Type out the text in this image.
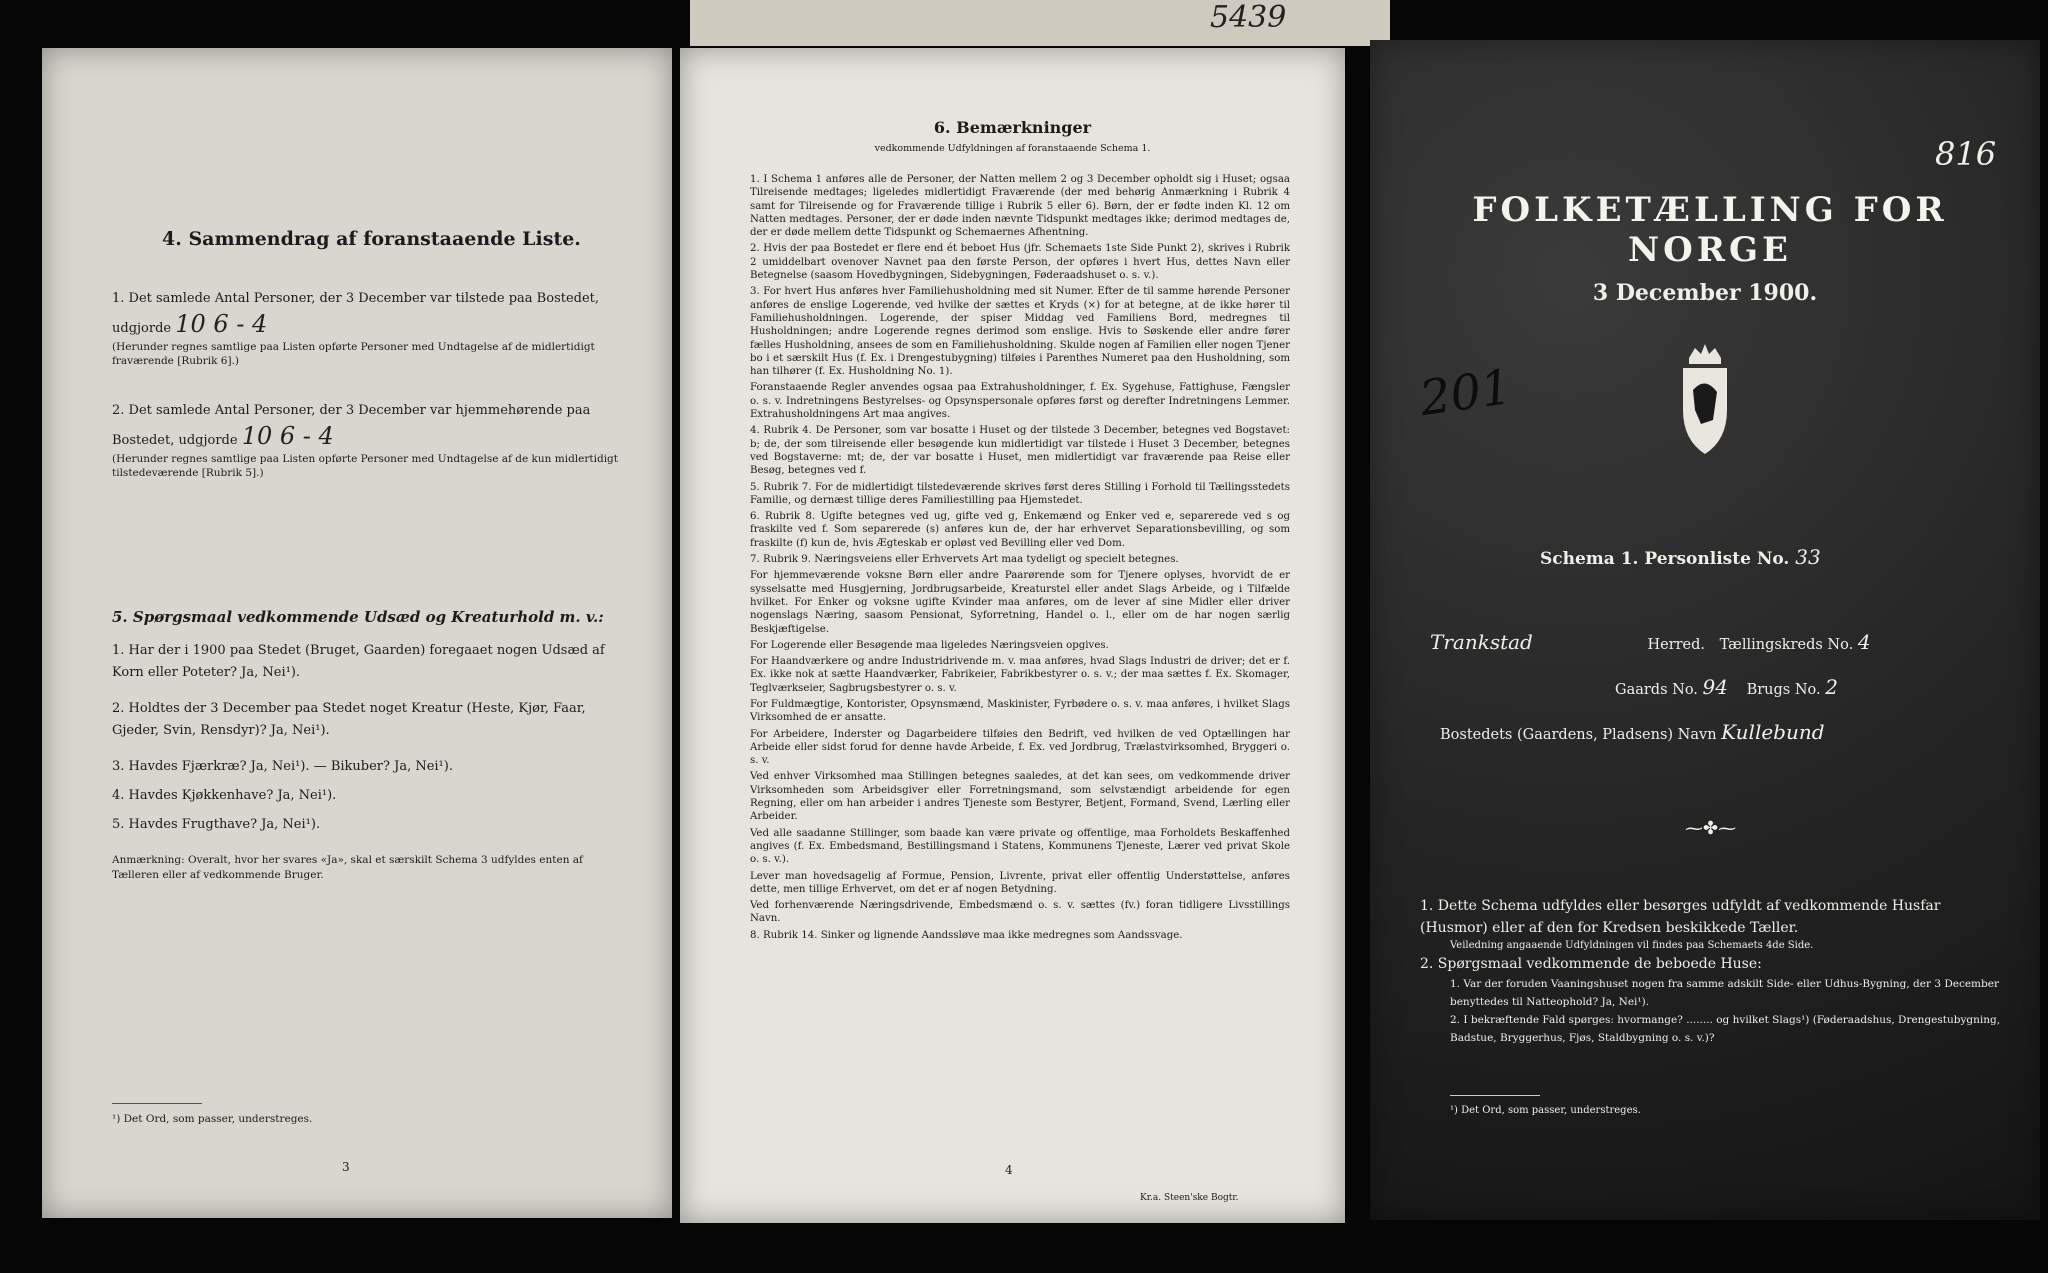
5439
4. Sammendrag af foranstaaende Liste.
1. Det samlede Antal Personer, der 3 December var tilstede paa Bostedet, udgjorde 10 6 - 4
(Herunder regnes samtlige paa Listen opførte Personer med Undtagelse af de midlertidigt fraværende [Rubrik 6].)
2. Det samlede Antal Personer, der 3 December var hjemmehørende paa Bostedet, udgjorde 10 6 - 4
(Herunder regnes samtlige paa Listen opførte Personer med Undtagelse af de kun midlertidigt tilstedeværende [Rubrik 5].)
5. Spørgsmaal vedkommende Udsæd og Kreaturhold m. v.:
1. Har der i 1900 paa Stedet (Bruget, Gaarden) foregaaet nogen Udsæd af Korn eller Poteter? Ja, Nei¹).
2. Holdtes der 3 December paa Stedet noget Kreatur (Heste, Kjør, Faar, Gjeder, Svin, Rensdyr)? Ja, Nei¹).
3. Havdes Fjærkræ? Ja, Nei¹). — Bikuber? Ja, Nei¹).
4. Havdes Kjøkkenhave? Ja, Nei¹).
5. Havdes Frugthave? Ja, Nei¹).
Anmærkning: Overalt, hvor her svares «Ja», skal et særskilt Schema 3 udfyldes enten af Tælleren eller af vedkommende Bruger.
¹) Det Ord, som passer, understreges.
3
6. Bemærkninger
vedkommende Udfyldningen af foranstaaende Schema 1.

1. I Schema 1 anføres alle de Personer, der Natten mellem 2 og 3 December opholdt sig i Huset; ogsaa Tilreisende medtages; ligeledes midlertidigt Fraværende (der med behørig Anmærkning i Rubrik 4 samt for Tilreisende og for Fraværende tillige i Rubrik 5 eller 6). Børn, der er fødte inden Kl. 12 om Natten medtages. Personer, der er døde inden nævnte Tidspunkt medtages ikke; derimod medtages de, der er døde mellem dette Tidspunkt og Schemaernes Afhentning.

2. Hvis der paa Bostedet er flere end ét beboet Hus (jfr. Schemaets 1ste Side Punkt 2), skrives i Rubrik 2 umiddelbart ovenover Navnet paa den første Person, der opføres i hvert Hus, dettes Navn eller Betegnelse (saasom Hovedbygningen, Sidebygningen, Føderaadshuset o. s. v.).

3. For hvert Hus anføres hver Familiehusholdning med sit Numer. Efter de til samme hørende Personer anføres de enslige Logerende, ved hvilke der sættes et Kryds (×) for at betegne, at de ikke hører til Familiehusholdningen. Logerende, der spiser Middag ved Familiens Bord, medregnes til Husholdningen; andre Logerende regnes derimod som enslige. Hvis to Søskende eller andre fører fælles Husholdning, ansees de som en Familiehusholdning. Skulde nogen af Familien eller nogen Tjener bo i et særskilt Hus (f. Ex. i Drengestubygning) tilføies i Parenthes Numeret paa den Husholdning, som han tilhører (f. Ex. Husholdning No. 1).

Foranstaaende Regler anvendes ogsaa paa Extrahusholdninger, f. Ex. Sygehuse, Fattighuse, Fængsler o. s. v. Indretningens Bestyrelses- og Opsynspersonale opføres først og derefter Indretningens Lemmer. Extrahusholdningens Art maa angives.

4. Rubrik 4. De Personer, som var bosatte i Huset og der tilstede 3 December, betegnes ved Bogstavet: b; de, der som tilreisende eller besøgende kun midlertidigt var tilstede i Huset 3 December, betegnes ved Bogstaverne: mt; de, der var bosatte i Huset, men midlertidigt var fraværende paa Reise eller Besøg, betegnes ved f.

5. Rubrik 7. For de midlertidigt tilstedeværende skrives først deres Stilling i Forhold til Tællingsstedets Familie, og dernæst tillige deres Familiestilling paa Hjemstedet.

6. Rubrik 8. Ugifte betegnes ved ug, gifte ved g, Enkemænd og Enker ved e, separerede ved s og fraskilte ved f. Som separerede (s) anføres kun de, der har erhvervet Separationsbevilling, og som fraskilte (f) kun de, hvis Ægteskab er opløst ved Bevilling eller ved Dom.

7. Rubrik 9. Næringsveiens eller Erhvervets Art maa tydeligt og specielt betegnes.

For hjemmeværende voksne Børn eller andre Paarørende som for Tjenere oplyses, hvorvidt de er sysselsatte med Husgjerning, Jordbrugsarbeide, Kreaturstel eller andet Slags Arbeide, og i Tilfælde hvilket. For Enker og voksne ugifte Kvinder maa anføres, om de lever af sine Midler eller driver nogenslags Næring, saasom Pensionat, Syforretning, Handel o. l., eller om de har nogen særlig Beskjæftigelse.

For Logerende eller Besøgende maa ligeledes Næringsveien opgives.

For Haandværkere og andre Industridrivende m. v. maa anføres, hvad Slags Industri de driver; det er f. Ex. ikke nok at sætte Haandværker, Fabrikeier, Fabrikbestyrer o. s. v.; der maa sættes f. Ex. Skomager, Teglværkseier, Sagbrugsbestyrer o. s. v.

For Fuldmægtige, Kontorister, Opsynsmænd, Maskinister, Fyrbødere o. s. v. maa anføres, i hvilket Slags Virksomhed de er ansatte.

For Arbeidere, Inderster og Dagarbeidere tilføies den Bedrift, ved hvilken de ved Optællingen har Arbeide eller sidst forud for denne havde Arbeide, f. Ex. ved Jordbrug, Trælastvirksomhed, Bryggeri o. s. v.

Ved enhver Virksomhed maa Stillingen betegnes saaledes, at det kan sees, om vedkommende driver Virksomheden som Arbeidsgiver eller Forretningsmand, som selvstændigt arbeidende for egen Regning, eller om han arbeider i andres Tjeneste som Bestyrer, Betjent, Formand, Svend, Lærling eller Arbeider.

Ved alle saadanne Stillinger, som baade kan være private og offentlige, maa Forholdets Beskaffenhed angives (f. Ex. Embedsmand, Bestillingsmand i Statens, Kommunens Tjeneste, Lærer ved privat Skole o. s. v.).

Lever man hovedsagelig af Formue, Pension, Livrente, privat eller offentlig Understøttelse, anføres dette, men tillige Erhvervet, om det er af nogen Betydning.

Ved forhenværende Næringsdrivende, Embedsmænd o. s. v. sættes (fv.) foran tidligere Livsstillings Navn.

8. Rubrik 14. Sinker og lignende Aandssløve maa ikke medregnes som Aandssvage.

4
Kr.a. Steen'ske Bogtr.
816
FOLKETÆLLING FOR NORGE
3 December 1900.
201
Schema 1. Personliste No. 33
Trankstad	Herred. Tællingskreds No. 4
Gaards No. 94 Brugs No. 2
Bostedets (Gaardens, Pladsens) Navn Kullebund
⁓✤⁓
1. Dette Schema udfyldes eller besørges udfyldt af vedkommende Husfar (Husmor) eller af den for Kredsen beskikkede Tæller.
Veiledning angaaende Udfyldningen vil findes paa Schemaets 4de Side.
2. Spørgsmaal vedkommende de beboede Huse:
1. Var der foruden Vaaningshuset nogen fra samme adskilt Side- eller Udhus-Bygning, der 3 December benyttedes til Natteophold? Ja, Nei¹).
2. I bekræftende Fald spørges: hvormange? ........ og hvilket Slags¹) (Føderaadshus, Drengestubygning, Badstue, Bryggerhus, Fjøs, Staldbygning o. s. v.)?
¹) Det Ord, som passer, understreges.
